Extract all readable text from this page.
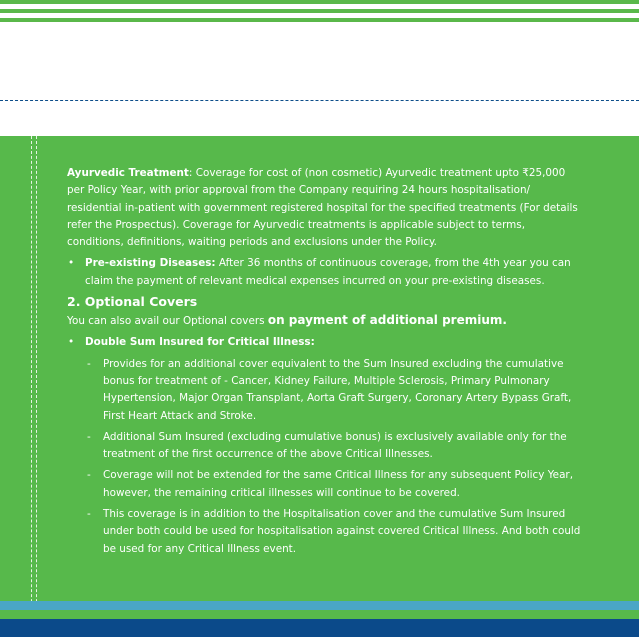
Ayurvedic Treatment: Coverage for cost of (non cosmetic) Ayurvedic treatment upto ₹25,000 per Policy Year, with prior approval from the Company requiring 24 hours hospitalisation/ residential in-patient with government registered hospital for the specified treatments (For details refer the Prospectus). Coverage for Ayurvedic treatments is applicable subject to terms, conditions, definitions, waiting periods and exclusions under the Policy.

• Pre-existing Diseases: After 36 months of continuous coverage, from the 4th year you can claim the payment of relevant medical expenses incurred on your pre-existing diseases.
2. Optional Covers

You can also avail our Optional covers on payment of additional premium.

• Double Sum Insured for Critical Illness:
- Provides for an additional cover equivalent to the Sum Insured excluding the cumulative bonus for treatment of - Cancer, Kidney Failure, Multiple Sclerosis, Primary Pulmonary Hypertension, Major Organ Transplant, Aorta Graft Surgery, Coronary Artery Bypass Graft, First Heart Attack and Stroke.
- Additional Sum Insured (excluding cumulative bonus) is exclusively available only for the treatment of the first occurrence of the above Critical Illnesses.
- Coverage will not be extended for the same Critical Illness for any subsequent Policy Year, however, the remaining critical illnesses will continue to be covered.
- This coverage is in addition to the Hospitalisation cover and the cumulative Sum Insured under both could be used for hospitalisation against covered Critical Illness. And both could be used for any Critical Illness event.
